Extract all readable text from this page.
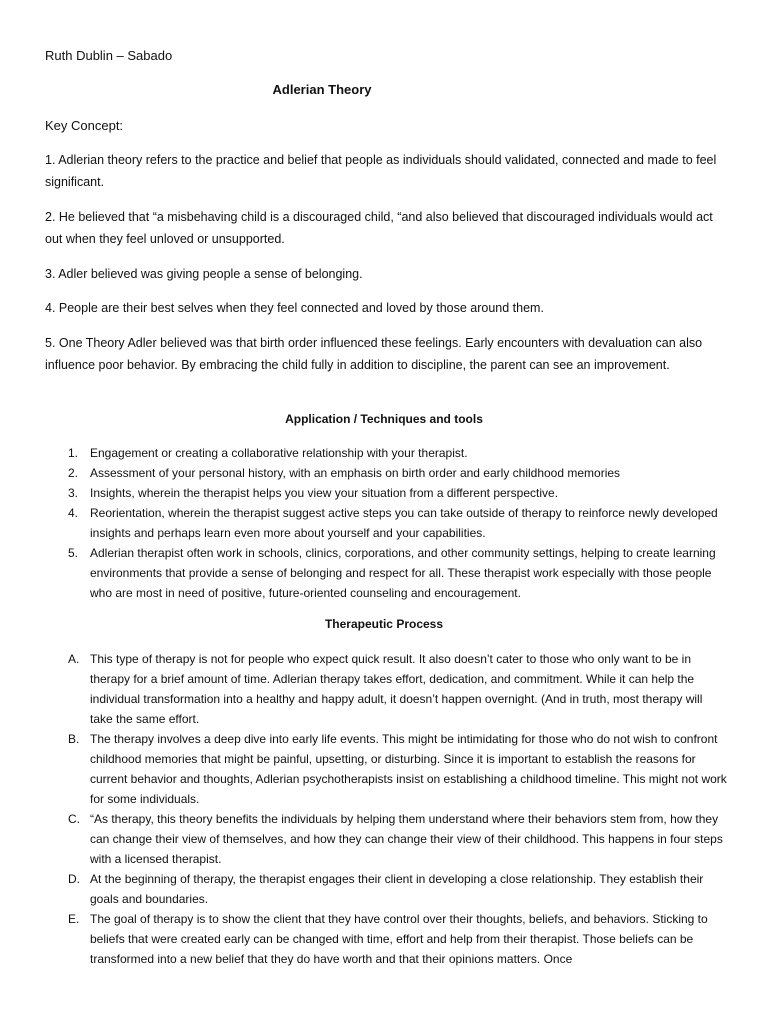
Ruth Dublin – Sabado
Adlerian Theory
Key Concept:
1. Adlerian theory refers to the practice and belief that people as individuals should validated, connected and made to feel significant.
2. He believed that “a misbehaving child is a discouraged child, “and also believed that discouraged individuals would act out when they feel unloved or unsupported.
3. Adler believed was giving people a sense of belonging.
4. People are their best selves when they feel connected and loved by those around them.
5. One Theory Adler believed was that birth order influenced these feelings. Early encounters with devaluation can also influence poor behavior. By embracing the child fully in addition to discipline, the parent can see an improvement.
Application / Techniques and tools
1. Engagement or creating a collaborative relationship with your therapist.
2. Assessment of your personal history, with an emphasis on birth order and early childhood memories
3. Insights, wherein the therapist helps you view your situation from a different perspective.
4. Reorientation, wherein the therapist suggest active steps you can take outside of therapy to reinforce newly developed insights and perhaps learn even more about yourself and your capabilities.
5. Adlerian therapist often work in schools, clinics, corporations, and other community settings, helping to create learning environments that provide a sense of belonging and respect for all. These therapist work especially with those people who are most in need of positive, future-oriented counseling and encouragement.
Therapeutic Process
A. This type of therapy is not for people who expect quick result. It also doesn’t cater to those who only want to be in therapy for a brief amount of time. Adlerian therapy takes effort, dedication, and commitment. While it can help the individual transformation into a healthy and happy adult, it doesn’t happen overnight. (And in truth, most therapy will take the same effort.
B. The therapy involves a deep dive into early life events. This might be intimidating for those who do not wish to confront childhood memories that might be painful, upsetting, or disturbing. Since it is important to establish the reasons for current behavior and thoughts, Adlerian psychotherapists insist on establishing a childhood timeline. This might not work for some individuals.
C. “As therapy, this theory benefits the individuals by helping them understand where their behaviors stem from, how they can change their view of themselves, and how they can change their view of their childhood. This happens in four steps with a licensed therapist.
D. At the beginning of therapy, the therapist engages their client in developing a close relationship. They establish their goals and boundaries.
E. The goal of therapy is to show the client that they have control over their thoughts, beliefs, and behaviors. Sticking to beliefs that were created early can be changed with time, effort and help from their therapist. Those beliefs can be transformed into a new belief that they do have worth and that their opinions matters. Once
